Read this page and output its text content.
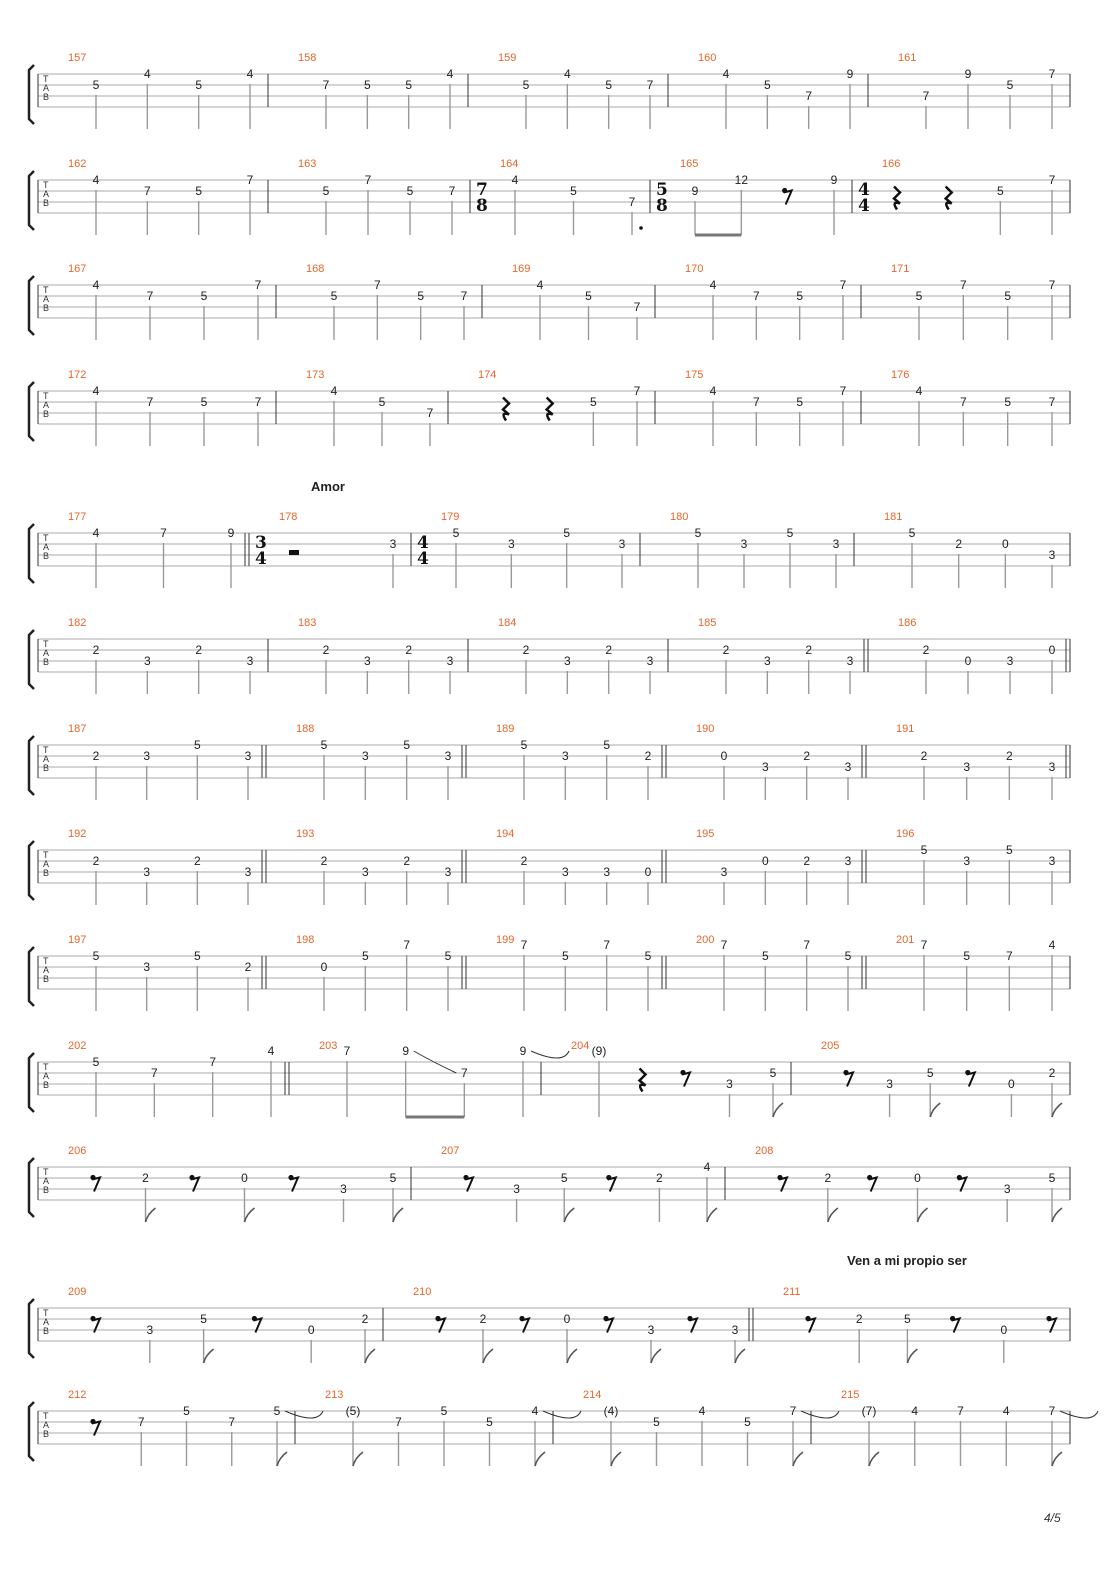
T
A
B
157
5
4
5
4
158
7	5	5
4
159
5
4
5	7
160
4
5
7
9
161
7
9
5
7
T
A
B
162
4
7	5
7
163
5
7
5	7
164
7
8
4
5
7
165
5
8
9
12	9
166
4
4
5
7
T
A
B
167
4
7	5
7
168
5
7
5	7
169
4
5
7
170
4
7	5
7
171
5
7
5
7
T
A
B
172
4
7	5	7
173
4
5
7
174
5
7
175
4
7	5
7
176
4
7	5	7
T
A
B
Amor
177
4	7	9
178
3
4
3
179
4
4
5
3
5
3
180
5
3
5
3
181
5
2	0
3
T
A
B
182
2
3
2
3
183
2
3
2
3
184
2
3
2
3
185
2
3
2
3
186
2
0	3
0
T
A
B
187
2	3
5
3
188
5
3
5
3
189
5
3
5
2
190
0
3
2
3
191
2
3
2
3
T
A
B
192
2
3
2
3
193
2
3
2
3
194
2
3	3	0
195
3
0	2	3
196
5
3
5
3
T
A
B
197
5
3
5
2
198
0
5
7
5
199 7
5
7
5
200 7
5
7
5
201 7
5	7
4
T
A
B
202
5
7
7
4	203 7	9
7
9	204 (9)
3
5
205
3
5
0
2
T
A
B
206
2	0
3
5
207
3
5	2
4
208
2	0
3
5
T
A
B
Ven a mi propio ser
209
3
5
0
2
210
2	0
3	3
211
2	5
0
T
A
B
212
7
5
7
5
213
(5)
7
5
5
4
214
(4)
5
4
5
7
215
(7)	4	7	4	7
4/5
